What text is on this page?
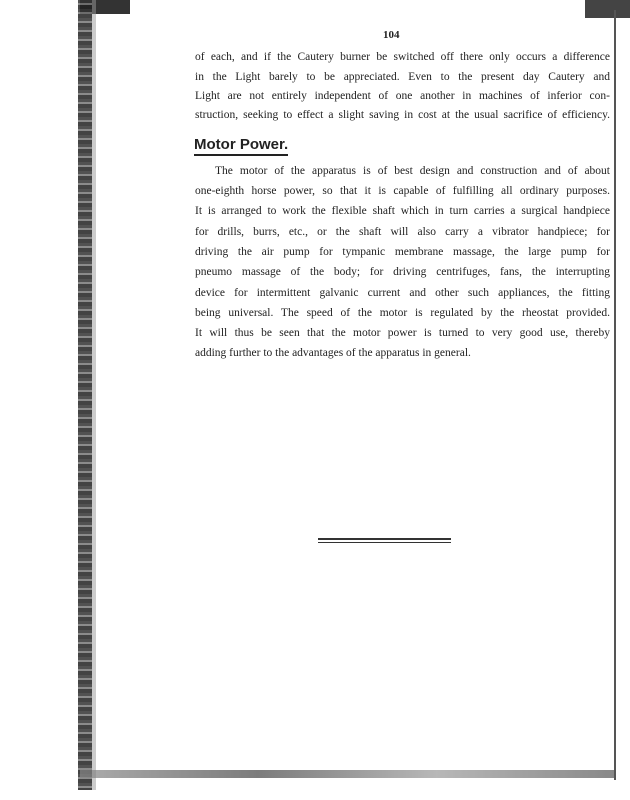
104
of each, and if the Cautery burner be switched off there only occurs a difference
in the Light barely to be appreciated. Even to the present day Cautery and
Light are not entirely independent of one another in machines of inferior con-
struction, seeking to effect a slight saving in cost at the usual sacrifice of efficiency.
Motor Power.
The motor of the apparatus is of best design and construction and of about
one-eighth horse power, so that it is capable of fulfilling all ordinary purposes.
It is arranged to work the flexible shaft which in turn carries a surgical handpiece
for drills, burrs, etc., or the shaft will also carry a vibrator handpiece; for
driving the air pump for tympanic membrane massage, the large pump for
pneumo massage of the body; for driving centrifuges, fans, the interrupting
device for intermittent galvanic current and other such appliances, the fitting
being universal. The speed of the motor is regulated by the rheostat provided.
It will thus be seen that the motor power is turned to very good use, thereby
adding further to the advantages of the apparatus in general.
